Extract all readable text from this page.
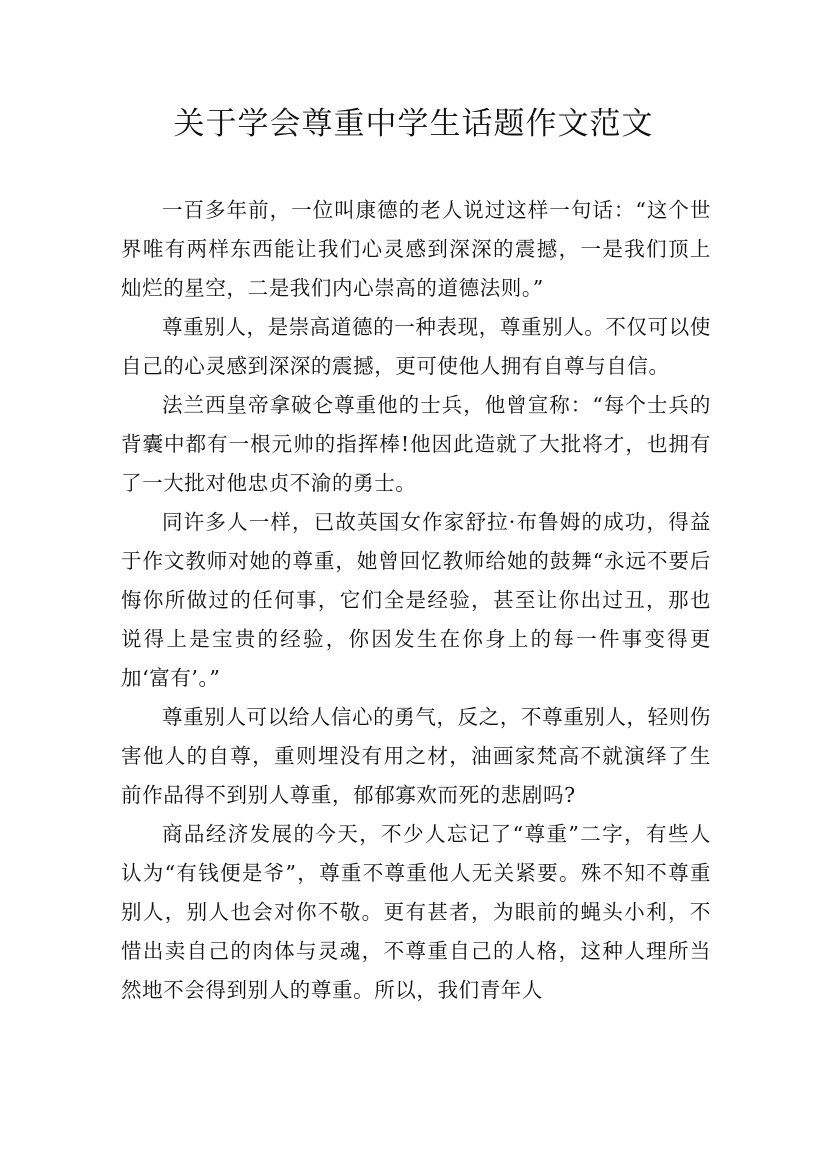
关于学会尊重中学生话题作文范文

一百多年前，一位叫康德的老人说过这样一句话：“这个世界唯有两样东西能让我们心灵感到深深的震撼，一是我们顶上灿烂的星空，二是我们内心崇高的道德法则。”

尊重别人，是崇高道德的一种表现，尊重别人。不仅可以使自己的心灵感到深深的震撼，更可使他人拥有自尊与自信。

法兰西皇帝拿破仑尊重他的士兵，他曾宣称：“每个士兵的背囊中都有一根元帅的指挥棒!他因此造就了大批将才，也拥有了一大批对他忠贞不渝的勇士。

同许多人一样，已故英国女作家舒拉·布鲁姆的成功，得益于作文教师对她的尊重，她曾回忆教师给她的鼓舞“永远不要后悔你所做过的任何事，它们全是经验，甚至让你出过丑，那也说得上是宝贵的经验，你因发生在你身上的每一件事变得更加‘富有’。”

尊重别人可以给人信心的勇气，反之，不尊重别人，轻则伤害他人的自尊，重则埋没有用之材，油画家梵高不就演绎了生前作品得不到别人尊重，郁郁寡欢而死的悲剧吗?

商品经济发展的今天，不少人忘记了“尊重”二字，有些人认为“有钱便是爷”，尊重不尊重他人无关紧要。殊不知不尊重别人，别人也会对你不敬。更有甚者，为眼前的蝇头小利，不惜出卖自己的肉体与灵魂，不尊重自己的人格，这种人理所当然地不会得到别人的尊重。所以，我们青年人
